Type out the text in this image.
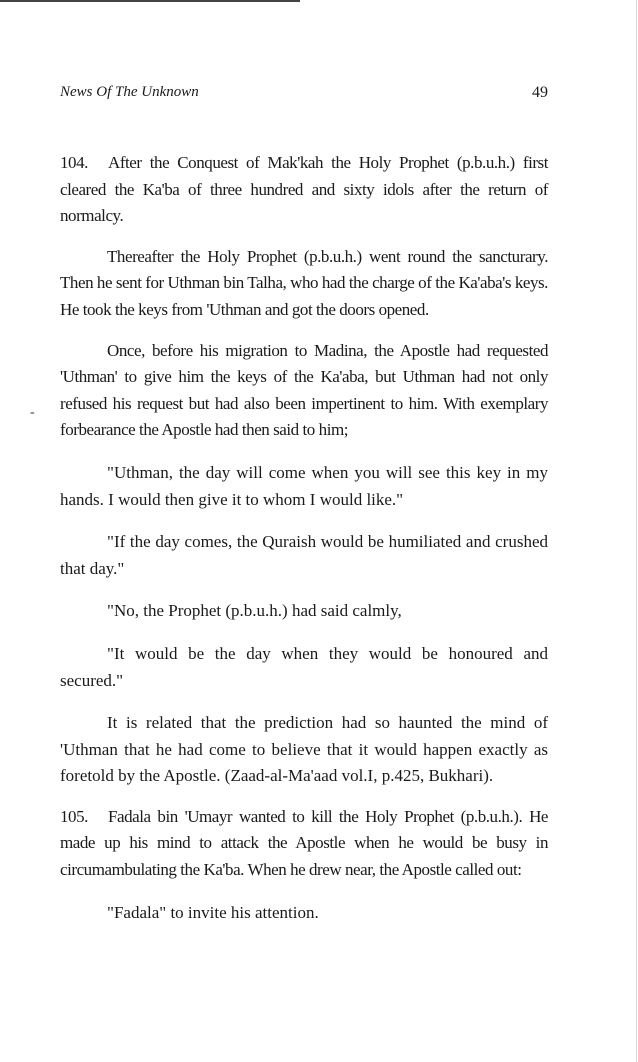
News Of The Unknown	49
-

104. After the Conquest of Mak'kah the Holy Prophet (p.b.u.h.) first cleared the Ka'ba of three hundred and sixty idols after the return of normalcy.

Thereafter the Holy Prophet (p.b.u.h.) went round the sancturary. Then he sent for Uthman bin Talha, who had the charge of the Ka'aba's keys. He took the keys from 'Uthman and got the doors opened.

Once, before his migration to Madina, the Apostle had requested 'Uthman' to give him the keys of the Ka'aba, but Uthman had not only refused his request but had also been impertinent to him. With exemplary forbearance the Apostle had then said to him;

"Uthman, the day will come when you will see this key in my hands. I would then give it to whom I would like."

"If the day comes, the Quraish would be humiliated and crushed that day."

"No, the Prophet (p.b.u.h.) had said calmly,

"It would be the day when they would be honoured and secured."

It is related that the prediction had so haunted the mind of 'Uthman that he had come to believe that it would happen exactly as foretold by the Apostle. (Zaad-al-Ma'aad vol.I, p.425, Bukhari).

105. Fadala bin 'Umayr wanted to kill the Holy Prophet (p.b.u.h.). He made up his mind to attack the Apostle when he would be busy in circumambulating the Ka'ba. When he drew near, the Apostle called out:

"Fadala" to invite his attention.
